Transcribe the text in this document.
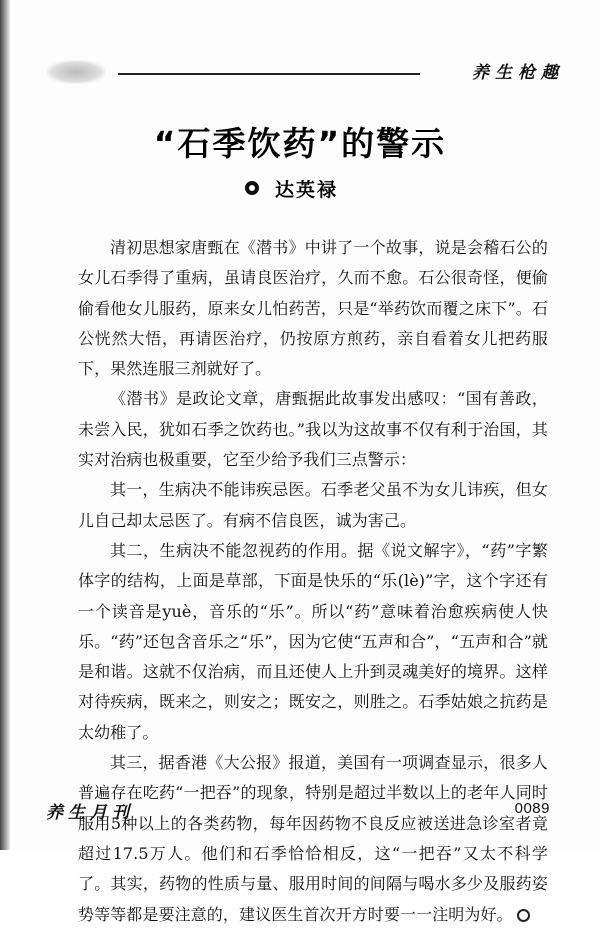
养生枪趣
“石季饮药”的警示
达英禄

清初思想家唐甄在《潜书》中讲了一个故事，说是会稽石公的女儿石季得了重病，虽请良医治疗，久而不愈。石公很奇怪，便偷偷看他女儿服药，原来女儿怕药苦，只是“举药饮而覆之床下”。石公恍然大悟，再请医治疗，仍按原方煎药，亲自看着女儿把药服下，果然连服三剂就好了。

《潜书》是政论文章，唐甄据此故事发出感叹：“国有善政，未尝入民，犹如石季之饮药也。”我以为这故事不仅有利于治国，其实对治病也极重要，它至少给予我们三点警示：

其一，生病决不能讳疾忌医。石季老父虽不为女儿讳疾，但女儿自己却太忌医了。有病不信良医，诚为害己。

其二，生病决不能忽视药的作用。据《说文解字》，“药”字繁体字的结构，上面是草部，下面是快乐的“乐(lè)”字，这个字还有一个读音是yuè，音乐的“乐”。所以“药”意味着治愈疾病使人快乐。“药”还包含音乐之“乐”，因为它使“五声和合”，“五声和合”就是和谐。这就不仅治病，而且还使人上升到灵魂美好的境界。这样对待疾病，既来之，则安之；既安之，则胜之。石季姑娘之抗药是太幼稚了。

其三，据香港《大公报》报道，美国有一项调查显示，很多人普遍存在吃药“一把吞”的现象，特别是超过半数以上的老年人同时服用5种以上的各类药物，每年因药物不良反应被送进急诊室者竟超过17.5万人。他们和石季恰恰相反，这“一把吞”又太不科学了。其实，药物的性质与量、服用时间的间隔与喝水多少及服药姿势等等都是要注意的，建议医生首次开方时要一一注明为好。

养生月刊	0089
